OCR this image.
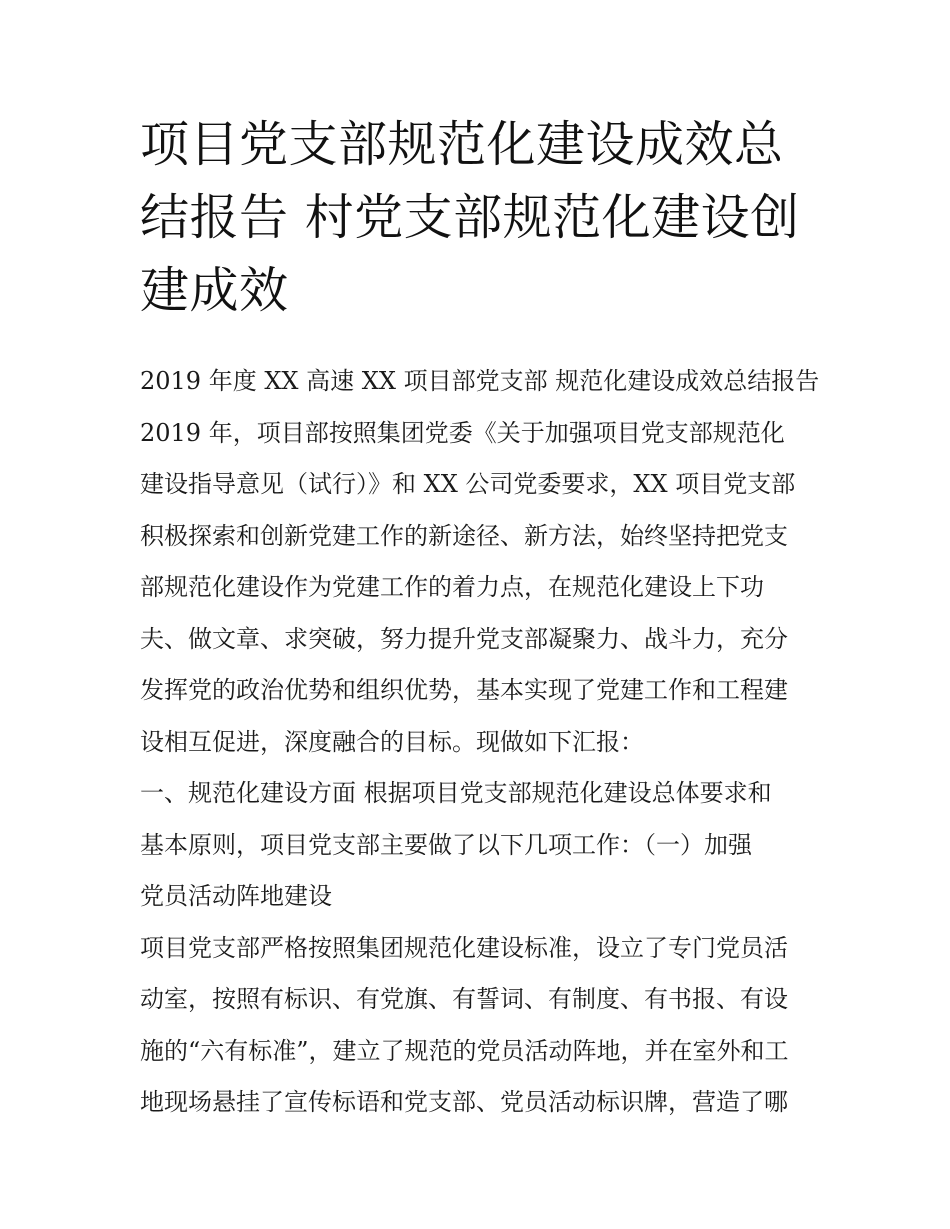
项目党支部规范化建设成效总
结报告 村党支部规范化建设创
建成效
2019 年度 XX 高速 XX 项目部党支部 规范化建设成效总结报告
2019 年，项目部按照集团党委《关于加强项目党支部规范化
建设指导意见（试行）》和 XX 公司党委要求，XX 项目党支部
积极探索和创新党建工作的新途径、新方法，始终坚持把党支
部规范化建设作为党建工作的着力点，在规范化建设上下功
夫、做文章、求突破，努力提升党支部凝聚力、战斗力，充分
发挥党的政治优势和组织优势，基本实现了党建工作和工程建
设相互促进，深度融合的目标。现做如下汇报：
一、规范化建设方面 根据项目党支部规范化建设总体要求和
基本原则，项目党支部主要做了以下几项工作：（一）加强
党员活动阵地建设
项目党支部严格按照集团规范化建设标准，设立了专门党员活
动室，按照有标识、有党旗、有誓词、有制度、有书报、有设
施的“六有标准”，建立了规范的党员活动阵地，并在室外和工
地现场悬挂了宣传标语和党支部、党员活动标识牌，营造了哪
